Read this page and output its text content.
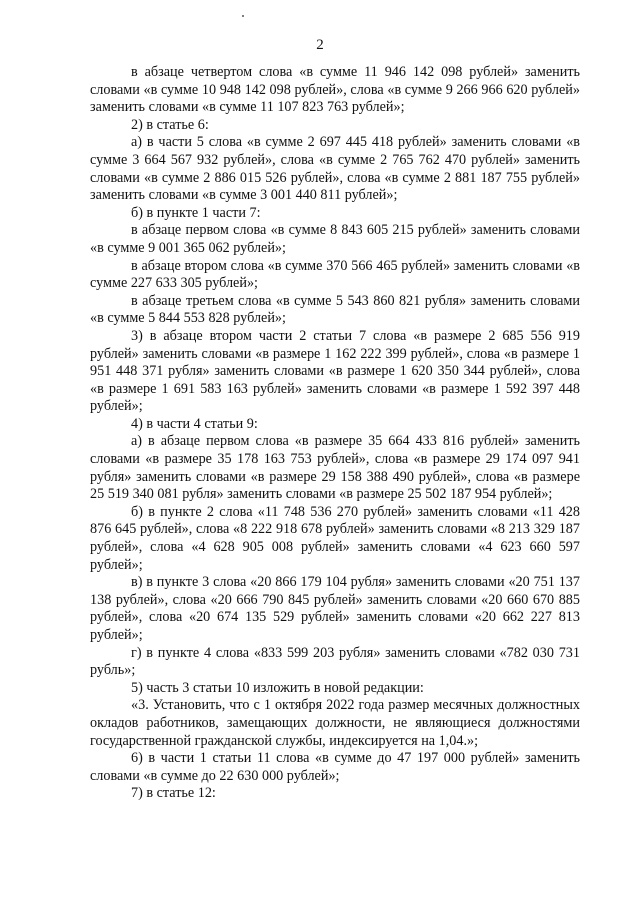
2

в абзаце четвертом слова «в сумме 11 946 142 098 рублей» заменить словами «в сумме 10 948 142 098 рублей», слова «в сумме 9 266 966 620 рублей» заменить словами «в сумме 11 107 823 763 рублей»;

2) в статье 6:

а) в части 5 слова «в сумме 2 697 445 418 рублей» заменить словами «в сумме 3 664 567 932 рублей», слова «в сумме 2 765 762 470 рублей» заменить словами «в сумме 2 886 015 526 рублей», слова «в сумме 2 881 187 755 рублей» заменить словами «в сумме 3 001 440 811 рублей»;

б) в пункте 1 части 7:

в абзаце первом слова «в сумме 8 843 605 215 рублей» заменить словами «в сумме 9 001 365 062 рублей»;

в абзаце втором слова «в сумме 370 566 465 рублей» заменить словами «в сумме 227 633 305 рублей»;

в абзаце третьем слова «в сумме 5 543 860 821 рубля» заменить словами «в сумме 5 844 553 828 рублей»;

3) в абзаце втором части 2 статьи 7 слова «в размере 2 685 556 919 рублей» заменить словами «в размере 1 162 222 399 рублей», слова «в размере 1 951 448 371 рубля» заменить словами «в размере 1 620 350 344 рублей», слова «в размере 1 691 583 163 рублей» заменить словами «в размере 1 592 397 448 рублей»;

4) в части 4 статьи 9:

а) в абзаце первом слова «в размере 35 664 433 816 рублей» заменить словами «в размере 35 178 163 753 рублей», слова «в размере 29 174 097 941 рубля» заменить словами «в размере 29 158 388 490 рублей», слова «в размере 25 519 340 081 рубля» заменить словами «в размере 25 502 187 954 рублей»;

б) в пункте 2 слова «11 748 536 270 рублей» заменить словами «11 428 876 645 рублей», слова «8 222 918 678 рублей» заменить словами «8 213 329 187 рублей», слова «4 628 905 008 рублей» заменить словами «4 623 660 597 рублей»;

в) в пункте 3 слова «20 866 179 104 рубля» заменить словами «20 751 137 138 рублей», слова «20 666 790 845 рублей» заменить словами «20 660 670 885 рублей», слова «20 674 135 529 рублей» заменить словами «20 662 227 813 рублей»;

г) в пункте 4 слова «833 599 203 рубля» заменить словами «782 030 731 рубль»;

5) часть 3 статьи 10 изложить в новой редакции:

«3. Установить, что с 1 октября 2022 года размер месячных должностных окладов работников, замещающих должности, не являющиеся должностями государственной гражданской службы, индексируется на 1,04.»;

6) в части 1 статьи 11 слова «в сумме до 47 197 000 рублей» заменить словами «в сумме до 22 630 000 рублей»;

7) в статье 12:
